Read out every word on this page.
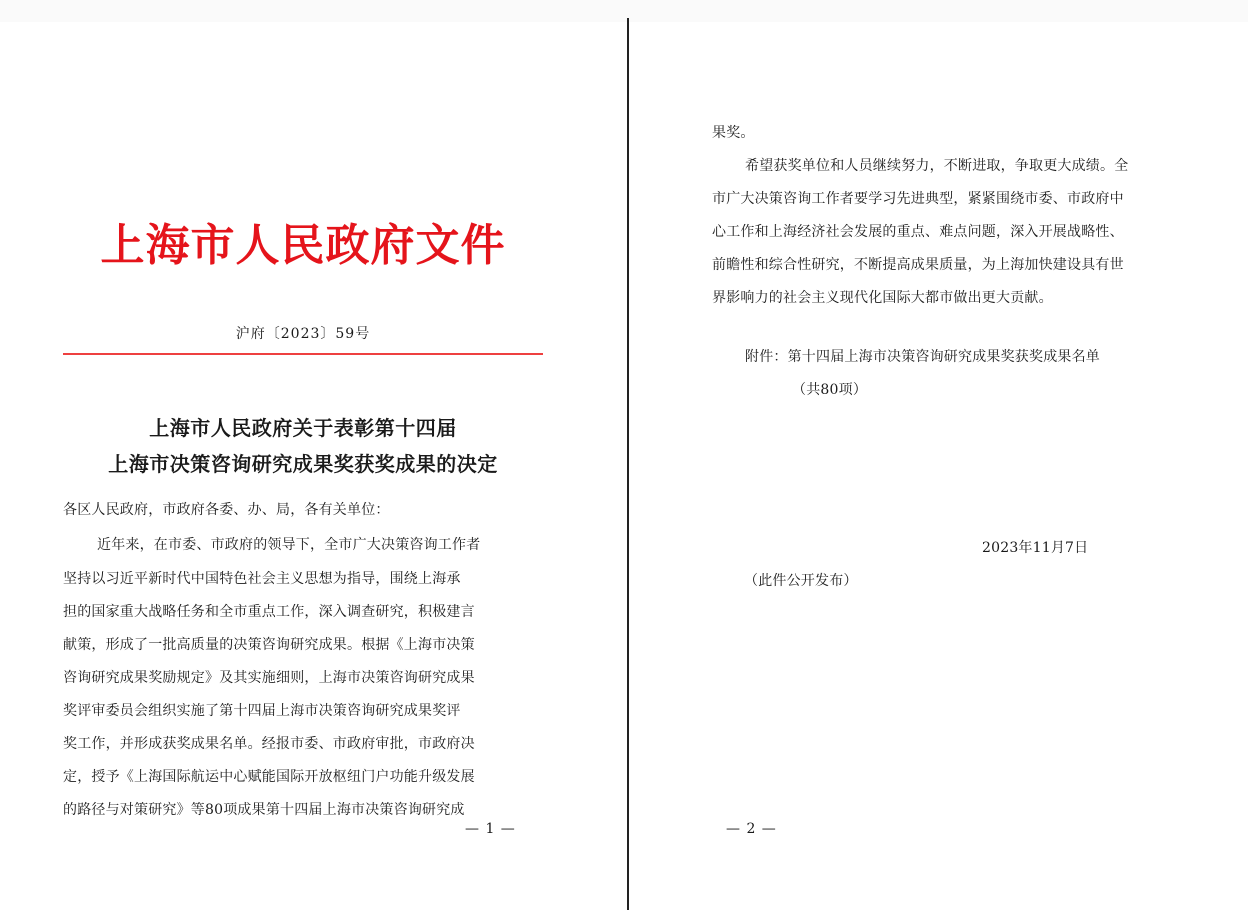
上海市人民政府文件
沪府〔2023〕59号
上海市人民政府关于表彰第十四届
上海市决策咨询研究成果奖获奖成果的决定
各区人民政府，市政府各委、办、局，各有关单位：
近年来，在市委、市政府的领导下，全市广大决策咨询工作者
坚持以习近平新时代中国特色社会主义思想为指导，围绕上海承
担的国家重大战略任务和全市重点工作，深入调查研究，积极建言
献策，形成了一批高质量的决策咨询研究成果。根据《上海市决策
咨询研究成果奖励规定》及其实施细则，上海市决策咨询研究成果
奖评审委员会组织实施了第十四届上海市决策咨询研究成果奖评
奖工作，并形成获奖成果名单。经报市委、市政府审批，市政府决
定，授予《上海国际航运中心赋能国际开放枢纽门户功能升级发展
的路径与对策研究》等80项成果第十四届上海市决策咨询研究成
— 1 —
果奖。
希望获奖单位和人员继续努力，不断进取，争取更大成绩。全
市广大决策咨询工作者要学习先进典型，紧紧围绕市委、市政府中
心工作和上海经济社会发展的重点、难点问题，深入开展战略性、
前瞻性和综合性研究，不断提高成果质量，为上海加快建设具有世
界影响力的社会主义现代化国际大都市做出更大贡献。
附件：第十四届上海市决策咨询研究成果奖获奖成果名单
（共80项）
2023年11月7日
（此件公开发布）
— 2 —
